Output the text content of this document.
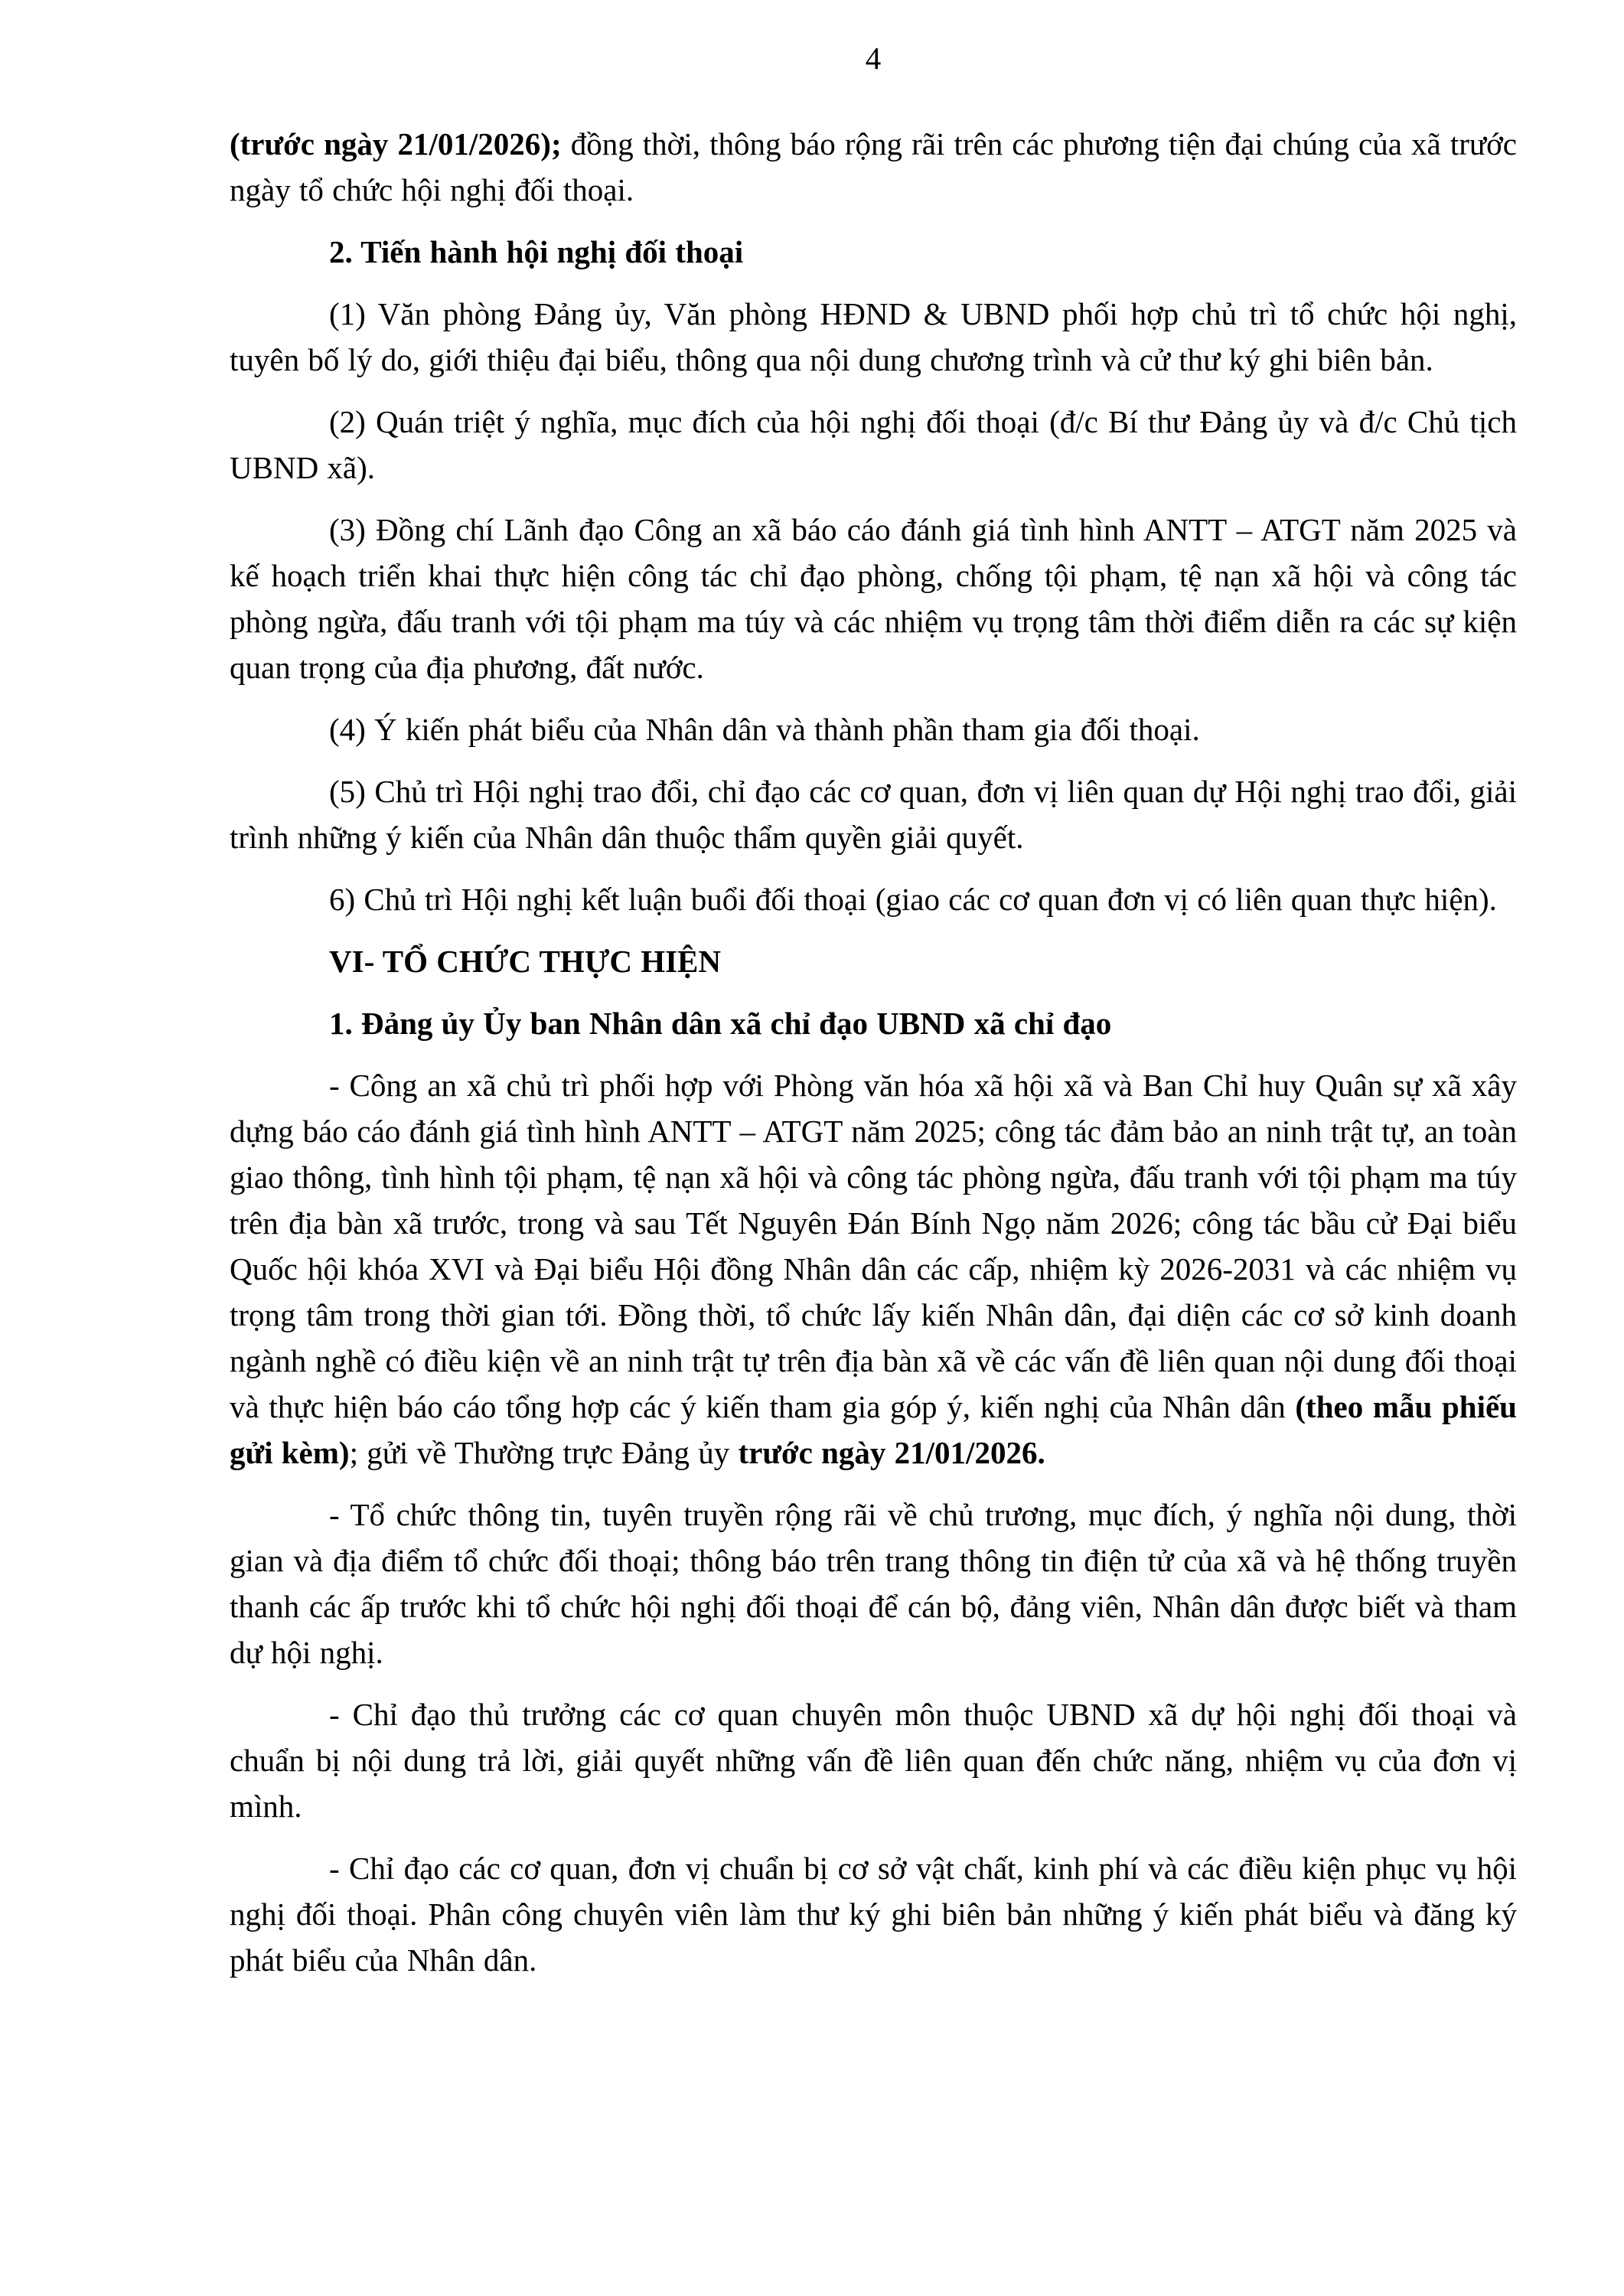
4

(trước ngày 21/01/2026); đồng thời, thông báo rộng rãi trên các phương tiện đại chúng của xã trước ngày tổ chức hội nghị đối thoại.

2. Tiến hành hội nghị đối thoại

(1) Văn phòng Đảng ủy, Văn phòng HĐND & UBND phối hợp chủ trì tổ chức hội nghị, tuyên bố lý do, giới thiệu đại biểu, thông qua nội dung chương trình và cử thư ký ghi biên bản.

(2) Quán triệt ý nghĩa, mục đích của hội nghị đối thoại (đ/c Bí thư Đảng ủy và đ/c Chủ tịch UBND xã).

(3) Đồng chí Lãnh đạo Công an xã báo cáo đánh giá tình hình ANTT – ATGT năm 2025 và kế hoạch triển khai thực hiện công tác chỉ đạo phòng, chống tội phạm, tệ nạn xã hội và công tác phòng ngừa, đấu tranh với tội phạm ma túy và các nhiệm vụ trọng tâm thời điểm diễn ra các sự kiện quan trọng của địa phương, đất nước.

(4) Ý kiến phát biểu của Nhân dân và thành phần tham gia đối thoại.

(5) Chủ trì Hội nghị trao đổi, chỉ đạo các cơ quan, đơn vị liên quan dự Hội nghị trao đổi, giải trình những ý kiến của Nhân dân thuộc thẩm quyền giải quyết.

6) Chủ trì Hội nghị kết luận buổi đối thoại (giao các cơ quan đơn vị có liên quan thực hiện).

VI- TỔ CHỨC THỰC HIỆN

1. Đảng ủy Ủy ban Nhân dân xã chỉ đạo UBND xã chỉ đạo

- Công an xã chủ trì phối hợp với Phòng văn hóa xã hội xã và Ban Chỉ huy Quân sự xã xây dựng báo cáo đánh giá tình hình ANTT – ATGT năm 2025; công tác đảm bảo an ninh trật tự, an toàn giao thông, tình hình tội phạm, tệ nạn xã hội và công tác phòng ngừa, đấu tranh với tội phạm ma túy trên địa bàn xã trước, trong và sau Tết Nguyên Đán Bính Ngọ năm 2026; công tác bầu cử Đại biểu Quốc hội khóa XVI và Đại biểu Hội đồng Nhân dân các cấp, nhiệm kỳ 2026-2031 và các nhiệm vụ trọng tâm trong thời gian tới. Đồng thời, tổ chức lấy kiến Nhân dân, đại diện các cơ sở kinh doanh ngành nghề có điều kiện về an ninh trật tự trên địa bàn xã về các vấn đề liên quan nội dung đối thoại và thực hiện báo cáo tổng hợp các ý kiến tham gia góp ý, kiến nghị của Nhân dân (theo mẫu phiếu gửi kèm); gửi về Thường trực Đảng ủy trước ngày 21/01/2026.

- Tổ chức thông tin, tuyên truyền rộng rãi về chủ trương, mục đích, ý nghĩa nội dung, thời gian và địa điểm tổ chức đối thoại; thông báo trên trang thông tin điện tử của xã và hệ thống truyền thanh các ấp trước khi tổ chức hội nghị đối thoại để cán bộ, đảng viên, Nhân dân được biết và tham dự hội nghị.

- Chỉ đạo thủ trưởng các cơ quan chuyên môn thuộc UBND xã dự hội nghị đối thoại và chuẩn bị nội dung trả lời, giải quyết những vấn đề liên quan đến chức năng, nhiệm vụ của đơn vị mình.

- Chỉ đạo các cơ quan, đơn vị chuẩn bị cơ sở vật chất, kinh phí và các điều kiện phục vụ hội nghị đối thoại. Phân công chuyên viên làm thư ký ghi biên bản những ý kiến phát biểu và đăng ký phát biểu của Nhân dân.
